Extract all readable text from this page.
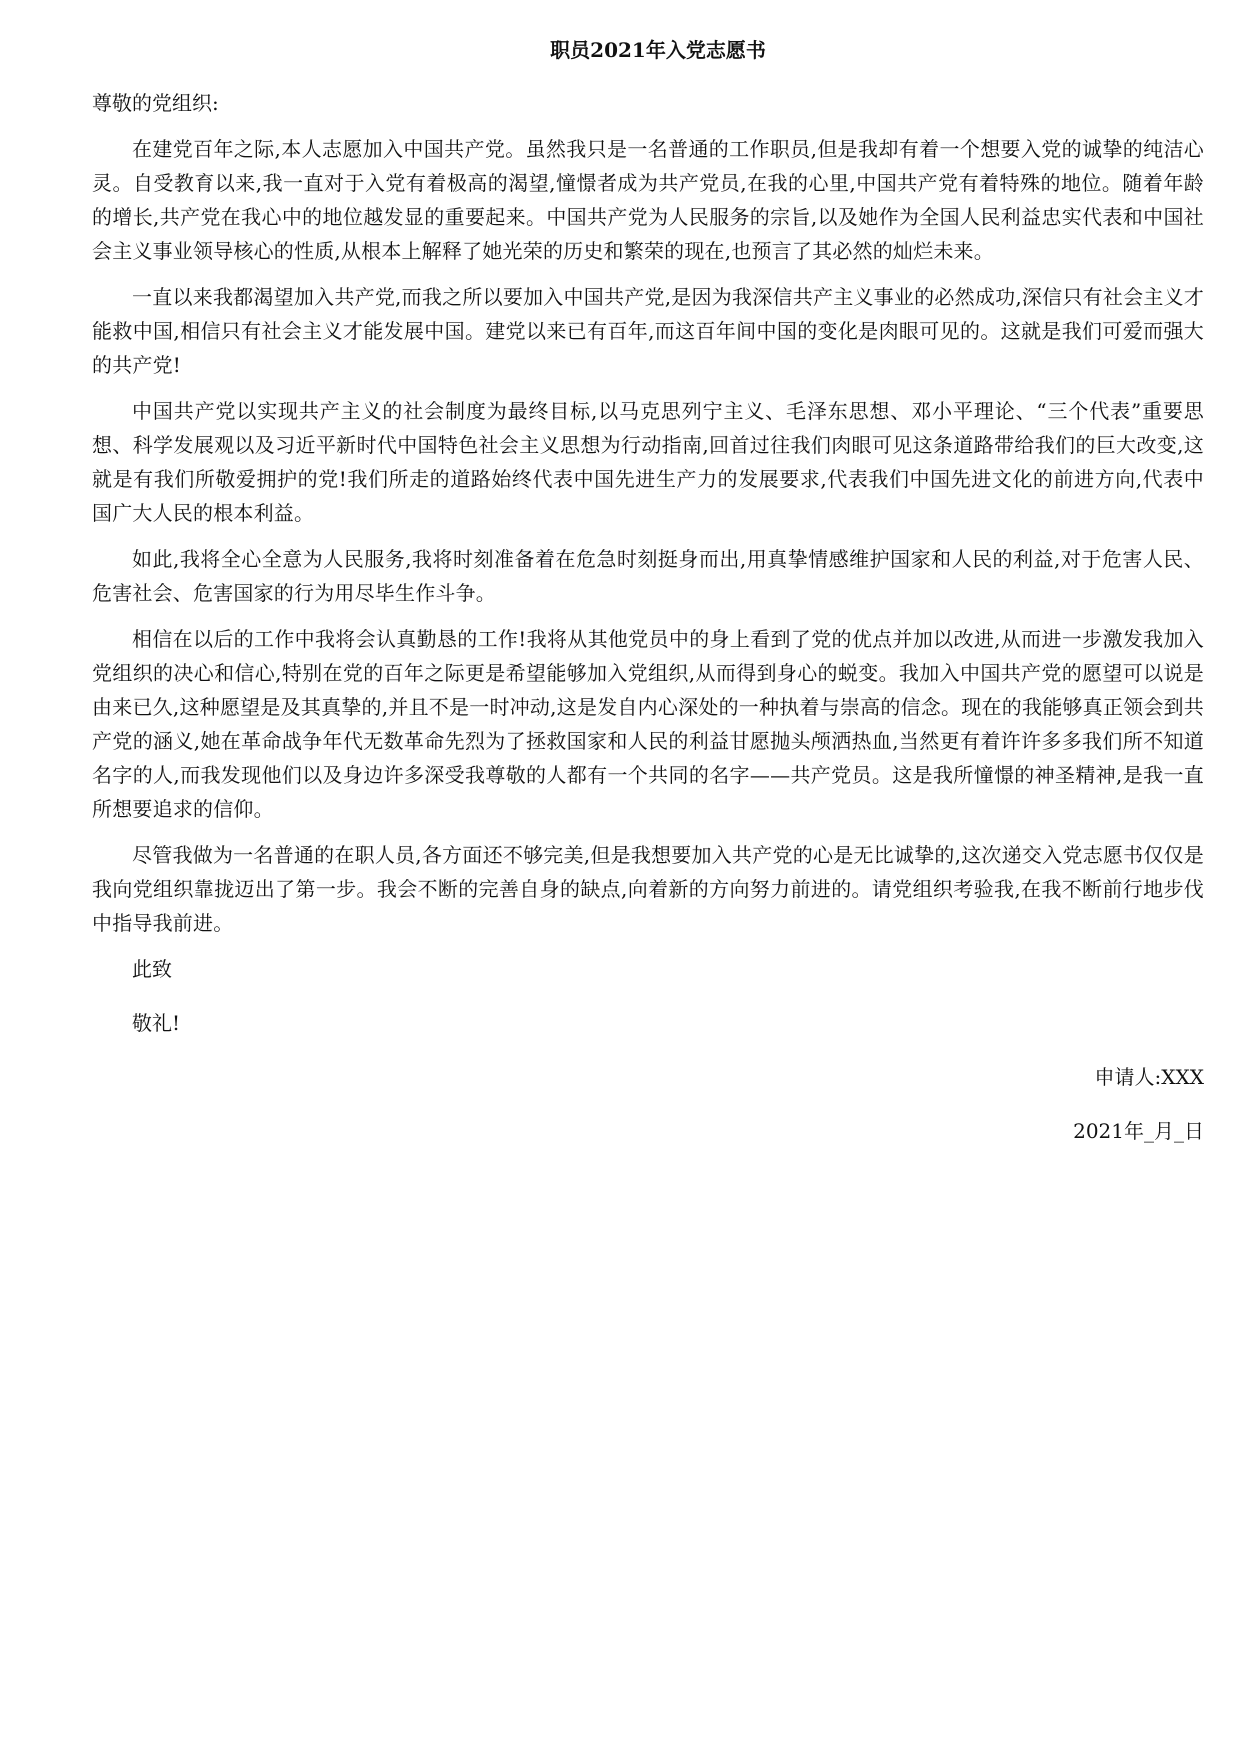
职员2021年入党志愿书
尊敬的党组织:

在建党百年之际,本人志愿加入中国共产党。虽然我只是一名普通的工作职员,但是我却有着一个想要入党的诚挚的纯洁心灵。自受教育以来,我一直对于入党有着极高的渴望,憧憬者成为共产党员,在我的心里,中国共产党有着特殊的地位。随着年龄的增长,共产党在我心中的地位越发显的重要起来。中国共产党为人民服务的宗旨,以及她作为全国人民利益忠实代表和中国社会主义事业领导核心的性质,从根本上解释了她光荣的历史和繁荣的现在,也预言了其必然的灿烂未来。

一直以来我都渴望加入共产党,而我之所以要加入中国共产党,是因为我深信共产主义事业的必然成功,深信只有社会主义才能救中国,相信只有社会主义才能发展中国。建党以来已有百年,而这百年间中国的变化是肉眼可见的。这就是我们可爱而强大的共产党!

中国共产党以实现共产主义的社会制度为最终目标,以马克思列宁主义、毛泽东思想、邓小平理论、“三个代表”重要思想、科学发展观以及习近平新时代中国特色社会主义思想为行动指南,回首过往我们肉眼可见这条道路带给我们的巨大改变,这就是有我们所敬爱拥护的党!我们所走的道路始终代表中国先进生产力的发展要求,代表我们中国先进文化的前进方向,代表中国广大人民的根本利益。

如此,我将全心全意为人民服务,我将时刻准备着在危急时刻挺身而出,用真挚情感维护国家和人民的利益,对于危害人民、危害社会、危害国家的行为用尽毕生作斗争。

相信在以后的工作中我将会认真勤恳的工作!我将从其他党员中的身上看到了党的优点并加以改进,从而进一步激发我加入党组织的决心和信心,特别在党的百年之际更是希望能够加入党组织,从而得到身心的蜕变。我加入中国共产党的愿望可以说是由来已久,这种愿望是及其真挚的,并且不是一时冲动,这是发自内心深处的一种执着与崇高的信念。现在的我能够真正领会到共产党的涵义,她在革命战争年代无数革命先烈为了拯救国家和人民的利益甘愿抛头颅洒热血,当然更有着许许多多我们所不知道名字的人,而我发现他们以及身边许多深受我尊敬的人都有一个共同的名字——共产党员。这是我所憧憬的神圣精神,是我一直所想要追求的信仰。

尽管我做为一名普通的在职人员,各方面还不够完美,但是我想要加入共产党的心是无比诚挚的,这次递交入党志愿书仅仅是我向党组织靠拢迈出了第一步。我会不断的完善自身的缺点,向着新的方向努力前进的。请党组织考验我,在我不断前行地步伐中指导我前进。

此致
敬礼!
申请人:XXX
2021年_月_日
